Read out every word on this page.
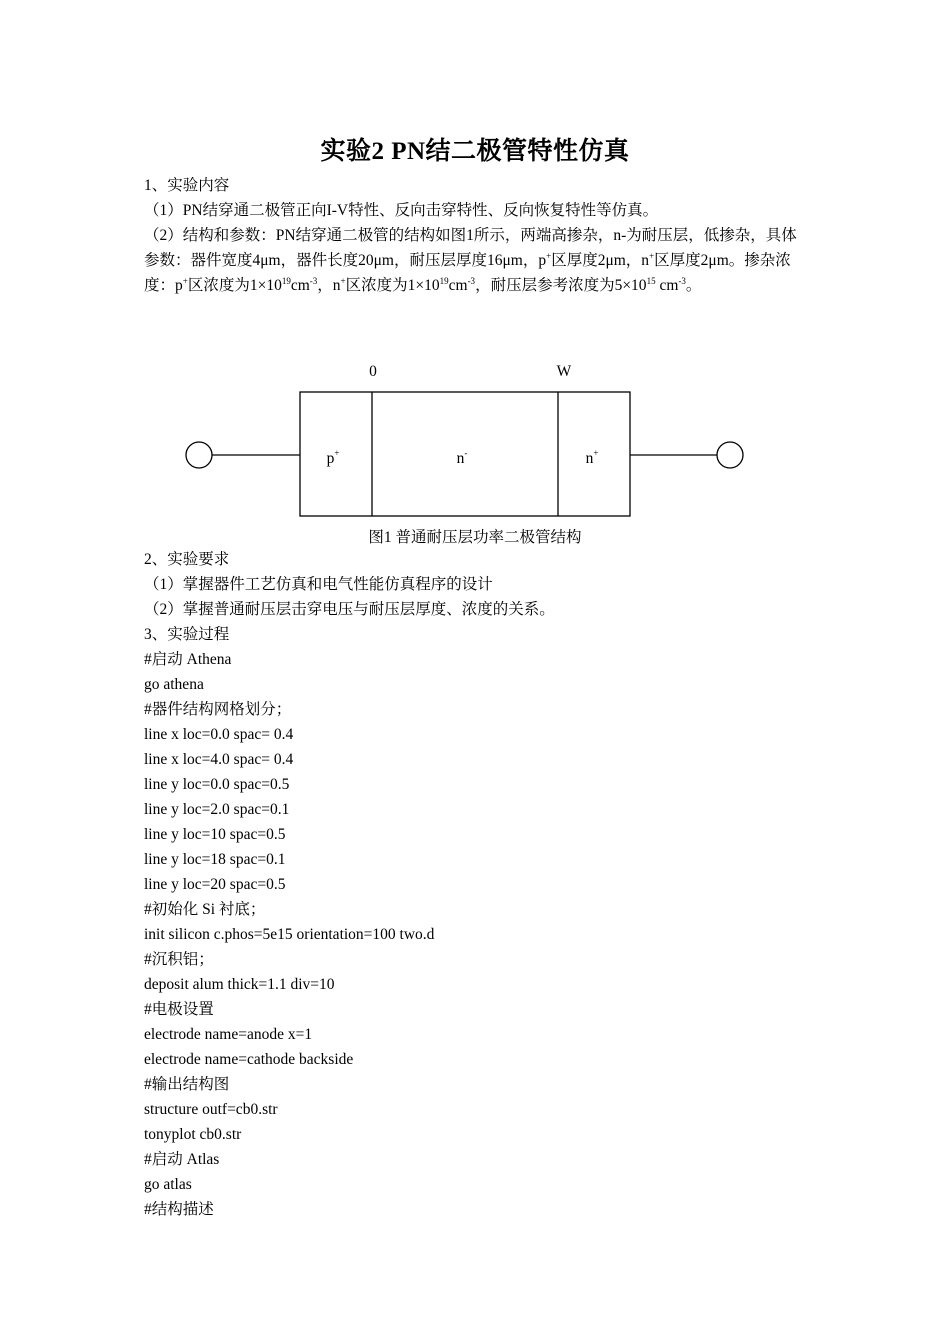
实验2 PN结二极管特性仿真
1、实验内容
（1）PN结穿通二极管正向I-V特性、反向击穿特性、反向恢复特性等仿真。
（2）结构和参数：PN结穿通二极管的结构如图1所示，两端高掺杂，n-为耐压层，低掺杂，具体
参数：器件宽度4μm，器件长度20μm，耐压层厚度16μm，p+区厚度2μm，n+区厚度2μm。掺杂浓
度：p+区浓度为$1\times 10^{19}cm^{-3}$，n+区浓度为$1\times 10^{19}cm^{-3}$，耐压层参考浓度为$5\times 10^{15}$ $cm^{-3}$。
0	W
p+	n-	n+
图1 普通耐压层功率二极管结构
2、实验要求
（1）掌握器件工艺仿真和电气性能仿真程序的设计
（2）掌握普通耐压层击穿电压与耐压层厚度、浓度的关系。
3、实验过程
#启动 Athena
go athena
#器件结构网格划分；
line x loc=0.0 spac= 0.4
line x loc=4.0 spac= 0.4
line y loc=0.0 spac=0.5
line y loc=2.0 spac=0.1
line y loc=10 spac=0.5
line y loc=18 spac=0.1
line y loc=20 spac=0.5
#初始化 Si 衬底；
init silicon c.phos=5e15 orientation=100 two.d
#沉积铝；
deposit alum thick=1.1 div=10
#电极设置
electrode name=anode x=1
electrode name=cathode backside
#输出结构图
structure outf=cb0.str
tonyplot cb0.str
#启动 Atlas
go atlas
#结构描述
